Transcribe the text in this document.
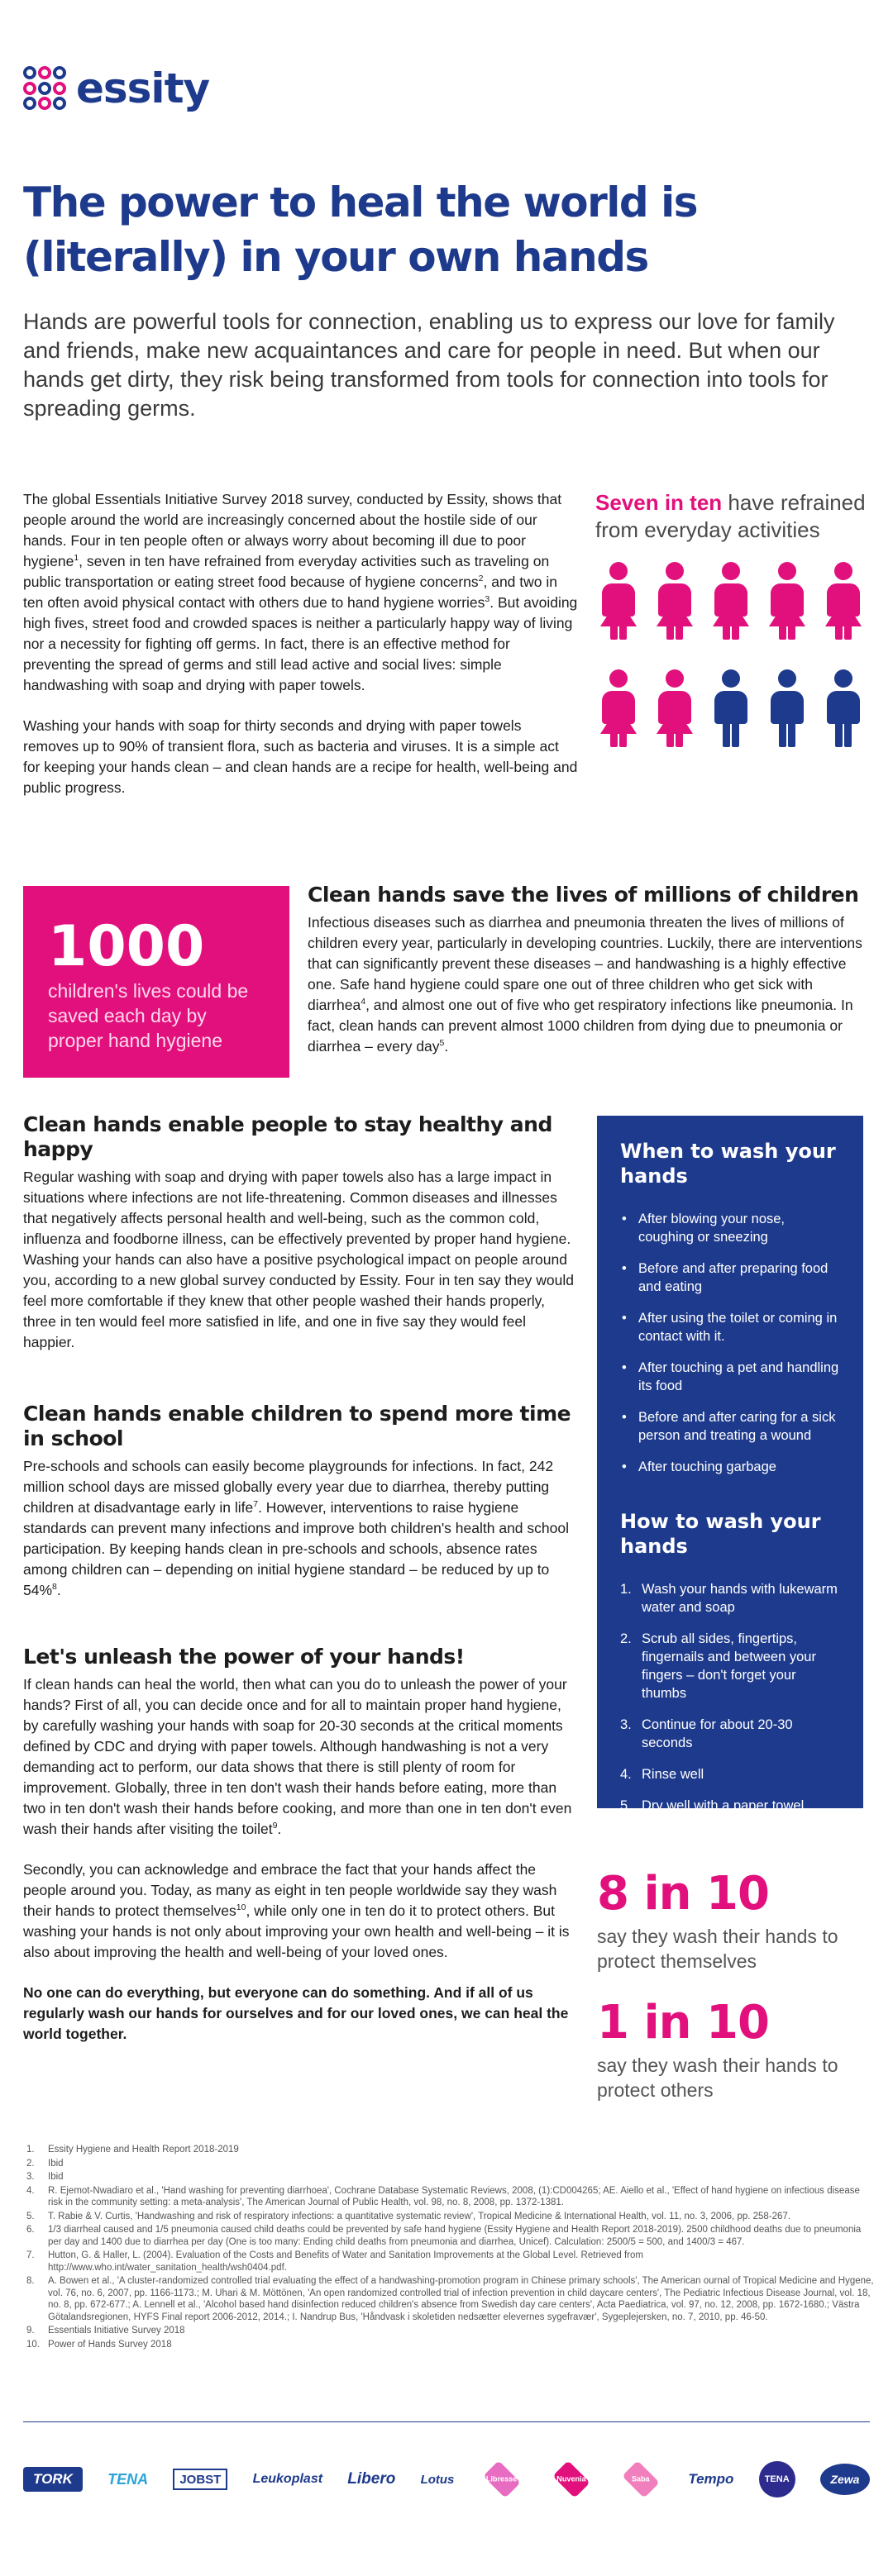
essity
The power to heal the world is (literally) in your own hands

Hands are powerful tools for connection, enabling us to express our love for family and friends, make new acquaintances and care for people in need. But when our hands get dirty, they risk being transformed from tools for connection into tools for spreading germs.

The global Essentials Initiative Survey 2018 survey, conducted by Essity, shows that people around the world are increasingly concerned about the hostile side of our hands. Four in ten people often or always worry about becoming ill due to poor hygiene$^1$, seven in ten have refrained from everyday activities such as traveling on public transportation or eating street food because of hygiene concerns$^2$, and two in ten often avoid physical contact with others due to hand hygiene worries$^3$. But avoiding high fives, street food and crowded spaces is neither a particularly happy way of living nor a necessity for fighting off germs. In fact, there is an effective method for preventing the spread of germs and still lead active and social lives: simple handwashing with soap and drying with paper towels.

Washing your hands with soap for thirty seconds and drying with paper towels removes up to 90% of transient flora, such as bacteria and viruses. It is a simple act for keeping your hands clean – and clean hands are a recipe for health, well-being and public progress.

Seven in ten have refrained from everyday activities
1000
children's lives could be saved each day by proper hand hygiene
Clean hands save the lives of millions of children

Infectious diseases such as diarrhea and pneumonia threaten the lives of millions of children every year, particularly in developing countries. Luckily, there are interventions that can significantly prevent these diseases – and handwashing is a highly effective one. Safe hand hygiene could spare one out of three children who get sick with diarrhea$^4$, and almost one out of five who get respiratory infections like pneumonia. In fact, clean hands can prevent almost 1000 children from dying due to pneumonia or diarrhea – every day$^5$.

Clean hands enable people to stay healthy and happy

Regular washing with soap and drying with paper towels also has a large impact in situations where infections are not life-threatening. Common diseases and illnesses that negatively affects personal health and well-being, such as the common cold, influenza and foodborne illness, can be effectively prevented by proper hand hygiene. Washing your hands can also have a positive psychological impact on people around you, according to a new global survey conducted by Essity. Four in ten say they would feel more comfortable if they knew that other people washed their hands properly, three in ten would feel more satisfied in life, and one in five say they would feel happier.

Clean hands enable children to spend more time in school

Pre-schools and schools can easily become playgrounds for infections. In fact, 242 million school days are missed globally every year due to diarrhea, thereby putting children at disadvantage early in life$^7$. However, interventions to raise hygiene standards can prevent many infections and improve both children's health and school participation. By keeping hands clean in pre-schools and schools, absence rates among children can – depending on initial hygiene standard – be reduced by up to 54%$^8$.

Let's unleash the power of your hands!

If clean hands can heal the world, then what can you do to unleash the power of your hands? First of all, you can decide once and for all to maintain proper hand hygiene, by carefully washing your hands with soap for 20-30 seconds at the critical moments defined by CDC and drying with paper towels. Although handwashing is not a very demanding act to perform, our data shows that there is still plenty of room for improvement. Globally, three in ten don't wash their hands before eating, more than two in ten don't wash their hands before cooking, and more than one in ten don't even wash their hands after visiting the toilet$^9$.

Secondly, you can acknowledge and embrace the fact that your hands affect the people around you. Today, as many as eight in ten people worldwide say they wash their hands to protect themselves$^{10}$, while only one in ten do it to protect others. But washing your hands is not only about improving your own health and well-being – it is also about improving the health and well-being of your loved ones.

No one can do everything, but everyone can do something. And if all of us regularly wash our hands for ourselves and for our loved ones, we can heal the world together.

When to wash your hands
• After blowing your nose, coughing or sneezing
• Before and after preparing food and eating
• After using the toilet or coming in contact with it.
• After touching a pet and handling its food
• Before and after caring for a sick person and treating a wound
• After touching garbage
How to wash your hands
1. Wash your hands with lukewarm water and soap
2. Scrub all sides, fingertips, fingernails and between your fingers – don't forget your thumbs
3. Continue for about 20-30 seconds
4. Rinse well
5. Dry well with a paper towel
8 in 10
say they wash their hands to protect themselves
1 in 10
say they wash their hands to protect others
1. Essity Hygiene and Health Report 2018-2019
2. Ibid
3. Ibid
4. R. Ejemot-Nwadiaro et al., 'Hand washing for preventing diarrhoea', Cochrane Database Systematic Reviews, 2008, (1):CD004265; AE. Aiello et al., 'Effect of hand hygiene on infectious disease risk in the community setting: a meta-analysis', The American Journal of Public Health, vol. 98, no. 8, 2008, pp. 1372-1381.
5. T. Rabie & V. Curtis, 'Handwashing and risk of respiratory infections: a quantitative systematic review', Tropical Medicine & International Health, vol. 11, no. 3, 2006, pp. 258-267.
6. 1/3 diarrheal caused and 1/5 pneumonia caused child deaths could be prevented by safe hand hygiene (Essity Hygiene and Health Report 2018-2019). 2500 childhood deaths due to pneumonia per day and 1400 due to diarrhea per day (One is too many: Ending child deaths from pneumonia and diarrhea, Unicef). Calculation: 2500/5 = 500, and 1400/3 = 467.
7. Hutton, G. & Haller, L. (2004). Evaluation of the Costs and Benefits of Water and Sanitation Improvements at the Global Level. Retrieved from http://www.who.int/water_sanitation_health/wsh0404.pdf.
8. A. Bowen et al., 'A cluster-randomized controlled trial evaluating the effect of a handwashing-promotion program in Chinese primary schools', The American ournal of Tropical Medicine and Hygene, vol. 76, no. 6, 2007, pp. 1166-1173.; M. Uhari & M. Möttönen, 'An open randomized controlled trial of infection prevention in child daycare centers', The Pediatric Infectious Disease Journal, vol. 18, no. 8, pp. 672-677.; A. Lennell et al., 'Alcohol based hand disinfection reduced children's absence from Swedish day care centers', Acta Paediatrica, vol. 97, no. 12, 2008, pp. 1672-1680.; Västra Götalandsregionen, HYFS Final report 2006-2012, 2014.; I. Nandrup Bus, 'Håndvask i skoletiden nedsætter elevernes sygefravær', Sygeplejersken, no. 7, 2010, pp. 46-50.
9. Essentials Initiative Survey 2018
10. Power of Hands Survey 2018
TORK	TENA	JOBST	Leukoplast Libero Lotus	Libresse	Nuvenia	Saba	Tempo	TENA	Zewa
